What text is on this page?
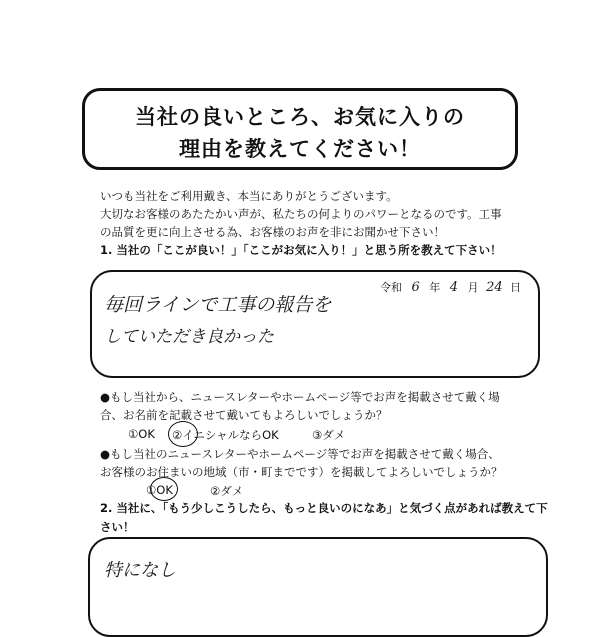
当社の良いところ、お気に入りの
理由を教えてください！
いつも当社をご利用戴き、本当にありがとうございます。
大切なお客様のあたたかい声が、私たちの何よりのパワーとなるのです。工事
の品質を更に向上させる為、お客様のお声を非にお聞かせ下さい！
1. 当社の「ここが良い！」「ここがお気に入り！」と思う所を教えて下さい！
令和 6 年 4 月 24 日
毎回ラインで工事の報告を
していただき良かった
●もし当社から、ニュースレターやホームページ等でお声を掲載させて戴く場
合、お名前を記載させて戴いてもよろしいでしょうか？
①OK ②イニシャルならOK	③ダメ
●もし当社のニュースレターやホームページ等でお声を掲載させて戴く場合、
お客様のお住まいの地域（市・町までです）を掲載してよろしいでしょうか？
①OK	②ダメ
2. 当社に、「もう少しこうしたら、もっと良いのになあ」と気づく点があれば教えて下
さい！
特になし
